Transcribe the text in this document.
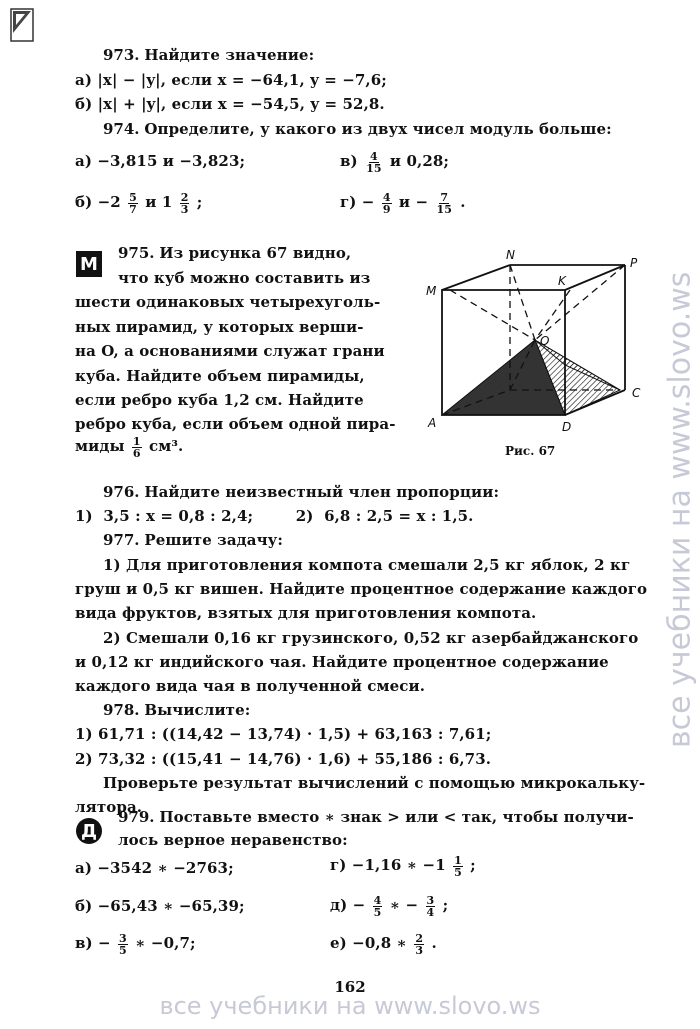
все учебники на www.slovo.ws
все учебники на www.slovo.ws
973. Найдите значение:
а) |x| − |y|, если x = −64,1, y = −7,6;
б) |x| + |y|, если x = −54,5, y = 52,8.
974. Определите, у какого из двух чисел модуль больше:
а) −3,815 и −3,823;	$в) \frac{4}{15}$ и 0,28;
$б) -2 \frac{5}{7}$ и $1 \frac{2}{3}$ ;	$г) - \frac{4}{9}$ $и - \frac{7}{15}$ .
М
975. Из рисунка 67 видно,
что куб можно составить из
шести одинаковых четырехуголь-
ных пирамид, у которых верши-
на O, а основаниями служат грани
куба. Найдите объем пирамиды,
если ребро куба 1,2 см. Найдите
ребро куба, если объем одной пира-
миды $\frac{1}{6} см^3$.
N
P
M
K
O
A
C
D
Рис. 67
976. Найдите неизвестный член пропорции:
1)  3,5 : x = 0,8 : 2,4;        2)  6,8 : 2,5 = x : 1,5.
977. Решите задачу:
1) Для приготовления компота смешали 2,5 кг яблок, 2 кг
груш и 0,5 кг вишен. Найдите процентное содержание каждого
вида фруктов, взятых для приготовления компота.
2) Смешали 0,16 кг грузинского, 0,52 кг азербайджанского
и 0,12 кг индийского чая. Найдите процентное содержание
каждого вида чая в полученной смеси.
978. Вычислите:
1) 61,71 : ((14,42 − 13,74) · 1,5) + 63,163 : 7,61;
2) 73,32 : ((15,41 − 14,76) · 1,6) + 55,186 : 6,73.
Проверьте результат вычислений с помощью микрокальку-
лятора.
Д
979. Поставьте вместо ∗ знак > или < так, чтобы получи-
лось верное неравенство:
а) −3542 ∗ −2763;	г) −1,16 ∗ $-1 \frac{1}{5}$ ;
б) −65,43 ∗ −65,39;	$д) - \frac{4}{5}$ ∗ − $\frac{3}{4}$ ;
$в) - \frac{3}{5}$ ∗ −0,7;	е) −0,8 ∗ $\frac{2}{3}$ .
162
